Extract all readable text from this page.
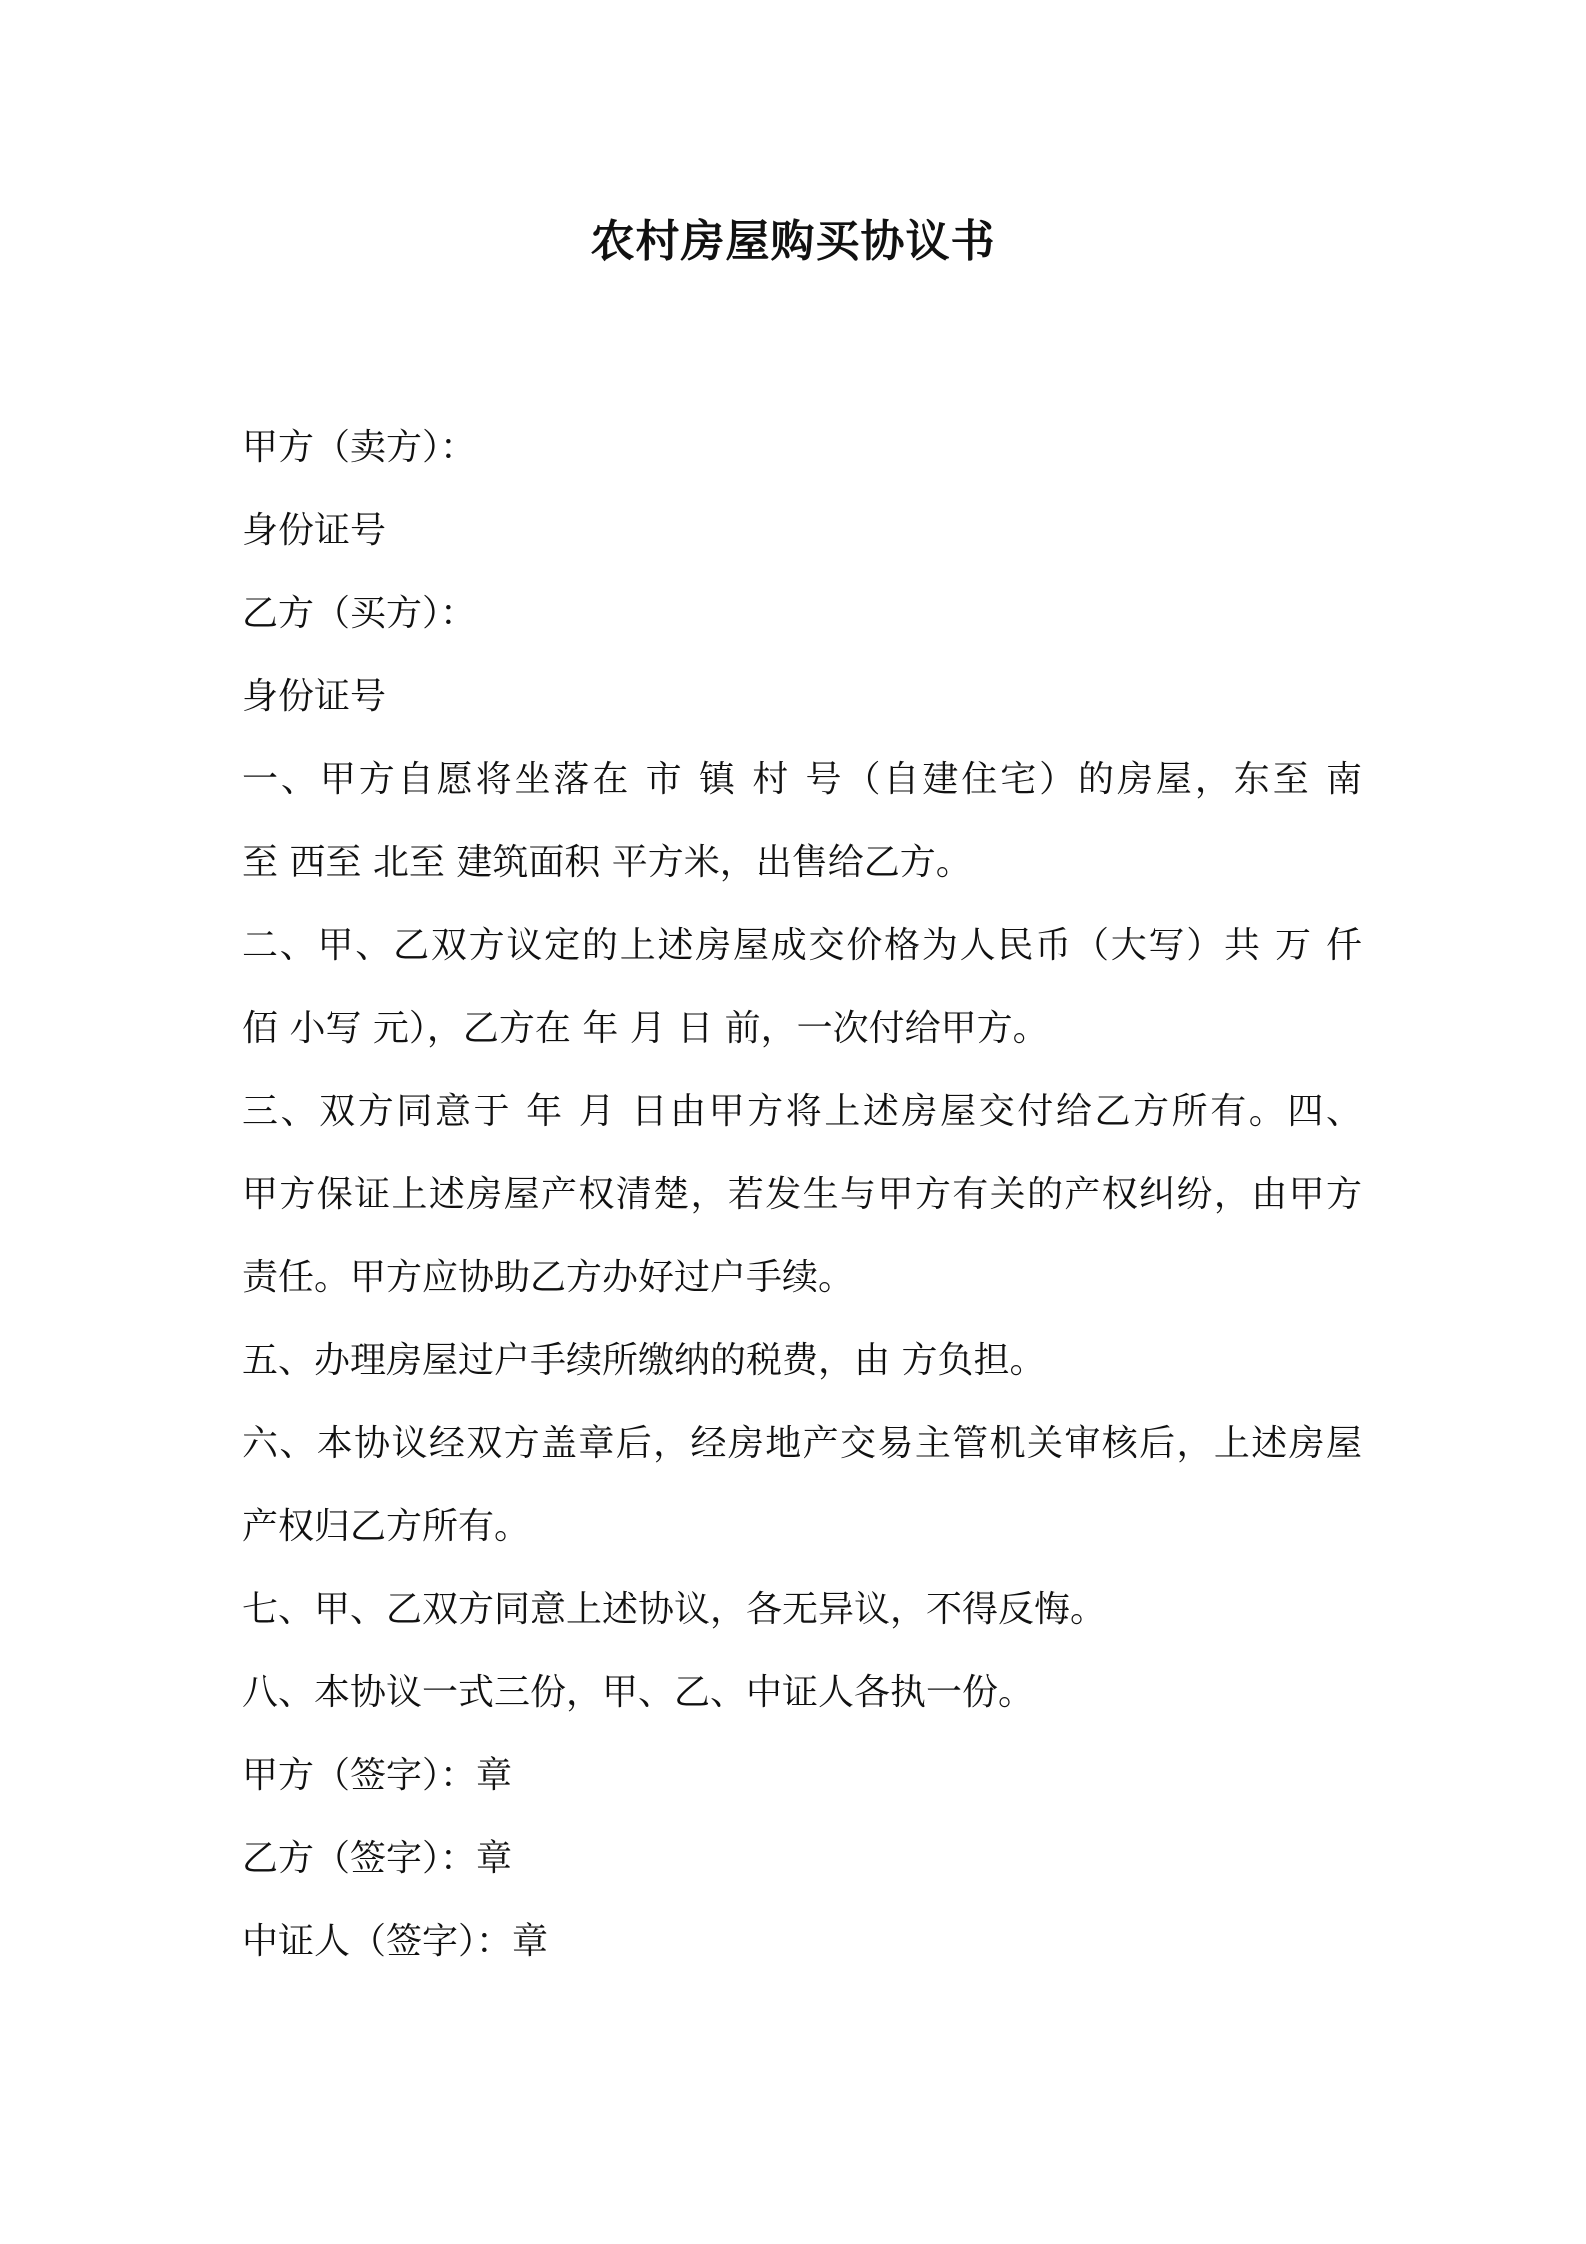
农村房屋购买协议书
甲方（卖方）：
身份证号
乙方（买方）：
身份证号
一、甲方自愿将坐落在 市 镇 村 号（自建住宅）的房屋，东至 南
至 西至 北至 建筑面积 平方米，出售给乙方。
二、甲、乙双方议定的上述房屋成交价格为人民币（大写）共 万 仟
佰 小写 元），乙方在 年 月 日 前，一次付给甲方。
三、双方同意于 年 月 日由甲方将上述房屋交付给乙方所有。四、
甲方保证上述房屋产权清楚，若发生与甲方有关的产权纠纷，由甲方
责任。甲方应协助乙方办好过户手续。
五、办理房屋过户手续所缴纳的税费，由 方负担。
六、本协议经双方盖章后，经房地产交易主管机关审核后，上述房屋
产权归乙方所有。
七、甲、乙双方同意上述协议，各无异议，不得反悔。
八、本协议一式三份，甲、乙、中证人各执一份。
甲方（签字）：章
乙方（签字）：章
中证人（签字）：章
